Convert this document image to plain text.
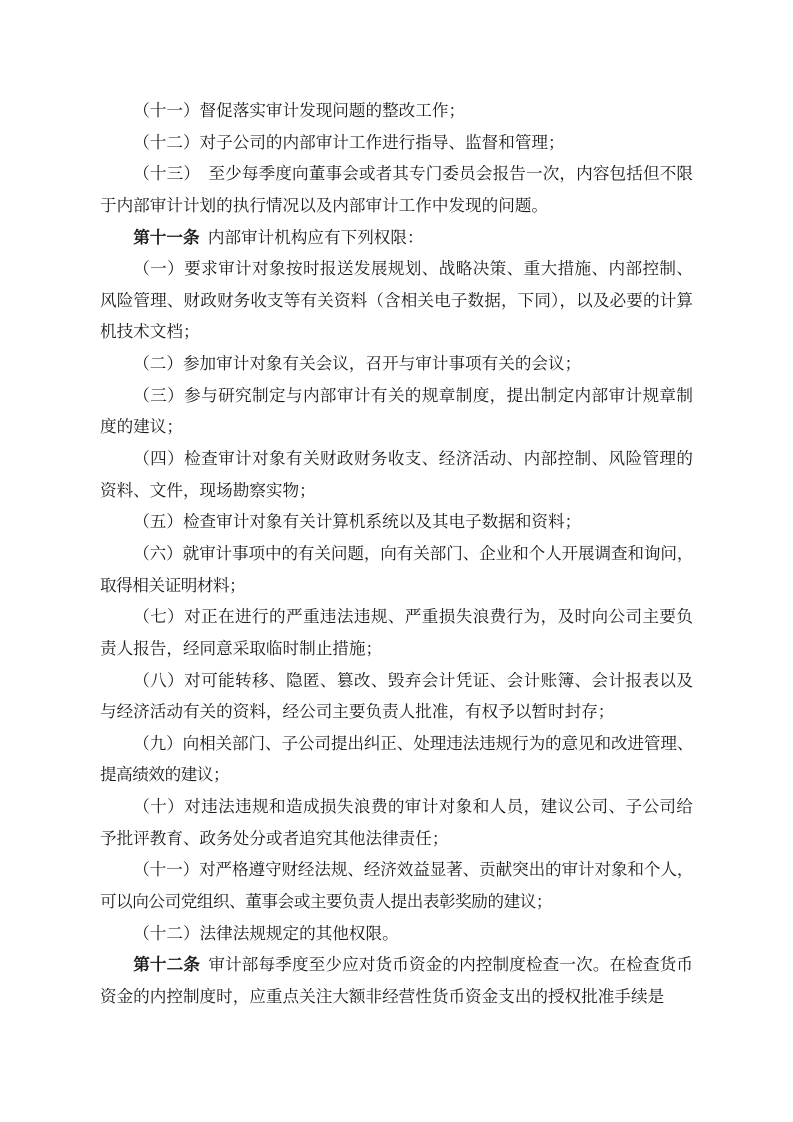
（十一）督促落实审计发现问题的整改工作；

（十二）对子公司的内部审计工作进行指导、监督和管理；

（十三）　至少每季度向董事会或者其专门委员会报告一次，内容包括但不限于内部审计计划的执行情况以及内部审计工作中发现的问题。

第十一条 内部审计机构应有下列权限：

（一）要求审计对象按时报送发展规划、战略决策、重大措施、内部控制、风险管理、财政财务收支等有关资料（含相关电子数据，下同），以及必要的计算机技术文档；

（二）参加审计对象有关会议，召开与审计事项有关的会议；

（三）参与研究制定与内部审计有关的规章制度，提出制定内部审计规章制度的建议；

（四）检查审计对象有关财政财务收支、经济活动、内部控制、风险管理的资料、文件，现场勘察实物；

（五）检查审计对象有关计算机系统以及其电子数据和资料；

（六）就审计事项中的有关问题，向有关部门、企业和个人开展调查和询问，取得相关证明材料；

（七）对正在进行的严重违法违规、严重损失浪费行为，及时向公司主要负责人报告，经同意采取临时制止措施；

（八）对可能转移、隐匿、篡改、毁弃会计凭证、会计账簿、会计报表以及与经济活动有关的资料，经公司主要负责人批准，有权予以暂时封存；

（九）向相关部门、子公司提出纠正、处理违法违规行为的意见和改进管理、提高绩效的建议；

（十）对违法违规和造成损失浪费的审计对象和人员，建议公司、子公司给予批评教育、政务处分或者追究其他法律责任；

（十一）对严格遵守财经法规、经济效益显著、贡献突出的审计对象和个人，可以向公司党组织、董事会或主要负责人提出表彰奖励的建议；

（十二）法律法规规定的其他权限。

第十二条 审计部每季度至少应对货币资金的内控制度检查一次。在检查货币资金的内控制度时，应重点关注大额非经营性货币资金支出的授权批准手续是
